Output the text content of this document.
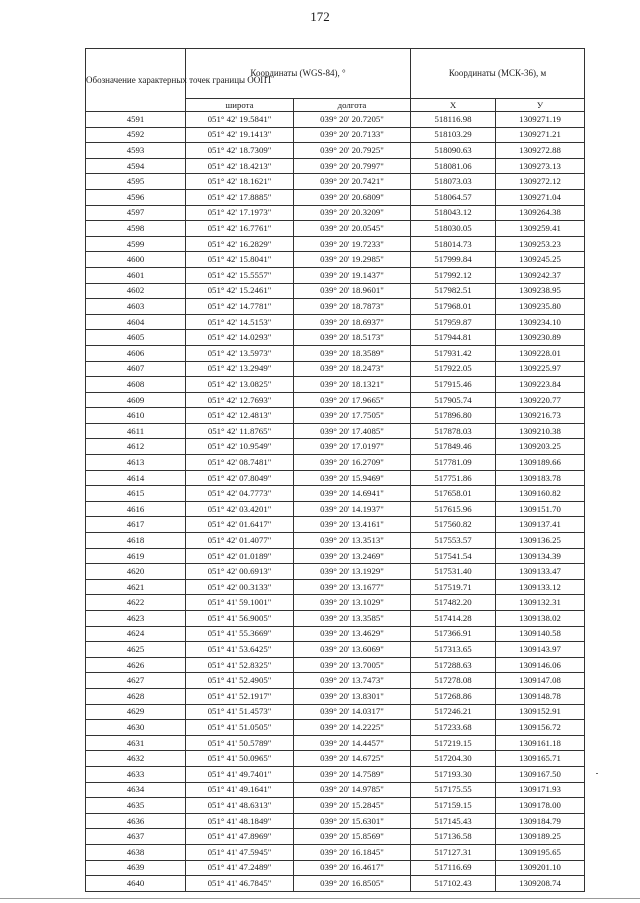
172
Обозначение характерных точек границы ООПТ	Координаты (WGS-84), °		Координаты (МСК-36), м	
	широта	долгота	X	У
4591	051° 42' 19.5841"	039° 20' 20.7205"	518116.98	1309271.19
4592	051° 42' 19.1413"	039° 20' 20.7133"	518103.29	1309271.21
4593	051° 42' 18.7309"	039° 20' 20.7925"	518090.63	1309272.88
4594	051° 42' 18.4213"	039° 20' 20.7997"	518081.06	1309273.13
4595	051° 42' 18.1621"	039° 20' 20.7421"	518073.03	1309272.12
4596	051° 42' 17.8885"	039° 20' 20.6809"	518064.57	1309271.04
4597	051° 42' 17.1973"	039° 20' 20.3209"	518043.12	1309264.38
4598	051° 42' 16.7761"	039° 20' 20.0545"	518030.05	1309259.41
4599	051° 42' 16.2829"	039° 20' 19.7233"	518014.73	1309253.23
4600	051° 42' 15.8041"	039° 20' 19.2985"	517999.84	1309245.25
4601	051° 42' 15.5557"	039° 20' 19.1437"	517992.12	1309242.37
4602	051° 42' 15.2461"	039° 20' 18.9601"	517982.51	1309238.95
4603	051° 42' 14.7781"	039° 20' 18.7873"	517968.01	1309235.80
4604	051° 42' 14.5153"	039° 20' 18.6937"	517959.87	1309234.10
4605	051° 42' 14.0293"	039° 20' 18.5173"	517944.81	1309230.89
4606	051° 42' 13.5973"	039° 20' 18.3589"	517931.42	1309228.01
4607	051° 42' 13.2949"	039° 20' 18.2473"	517922.05	1309225.97
4608	051° 42' 13.0825"	039° 20' 18.1321"	517915.46	1309223.84
4609	051° 42' 12.7693"	039° 20' 17.9665"	517905.74	1309220.77
4610	051° 42' 12.4813"	039° 20' 17.7505"	517896.80	1309216.73
4611	051° 42' 11.8765"	039° 20' 17.4085"	517878.03	1309210.38
4612	051° 42' 10.9549"	039° 20' 17.0197"	517849.46	1309203.25
4613	051° 42' 08.7481"	039° 20' 16.2709"	517781.09	1309189.66
4614	051° 42' 07.8049"	039° 20' 15.9469"	517751.86	1309183.78
4615	051° 42' 04.7773"	039° 20' 14.6941"	517658.01	1309160.82
4616	051° 42' 03.4201"	039° 20' 14.1937"	517615.96	1309151.70
4617	051° 42' 01.6417"	039° 20' 13.4161"	517560.82	1309137.41
4618	051° 42' 01.4077"	039° 20' 13.3513"	517553.57	1309136.25
4619	051° 42' 01.0189"	039° 20' 13.2469"	517541.54	1309134.39
4620	051° 42' 00.6913"	039° 20' 13.1929"	517531.40	1309133.47
4621	051° 42' 00.3133"	039° 20' 13.1677"	517519.71	1309133.12
4622	051° 41' 59.1001"	039° 20' 13.1029"	517482.20	1309132.31
4623	051° 41' 56.9005"	039° 20' 13.3585"	517414.28	1309138.02
4624	051° 41' 55.3669"	039° 20' 13.4629"	517366.91	1309140.58
4625	051° 41' 53.6425"	039° 20' 13.6069"	517313.65	1309143.97
4626	051° 41' 52.8325"	039° 20' 13.7005"	517288.63	1309146.06
4627	051° 41' 52.4905"	039° 20' 13.7473"	517278.08	1309147.08
4628	051° 41' 52.1917"	039° 20' 13.8301"	517268.86	1309148.78
4629	051° 41' 51.4573"	039° 20' 14.0317"	517246.21	1309152.91
4630	051° 41' 51.0505"	039° 20' 14.2225"	517233.68	1309156.72
4631	051° 41' 50.5789"	039° 20' 14.4457"	517219.15	1309161.18
4632	051° 41' 50.0965"	039° 20' 14.6725"	517204.30	1309165.71
4633	051° 41' 49.7401"	039° 20' 14.7589"	517193.30	1309167.50
4634	051° 41' 49.1641"	039° 20' 14.9785"	517175.55	1309171.93
4635	051° 41' 48.6313"	039° 20' 15.2845"	517159.15	1309178.00
4636	051° 41' 48.1849"	039° 20' 15.6301"	517145.43	1309184.79
4637	051° 41' 47.8969"	039° 20' 15.8569"	517136.58	1309189.25
4638	051° 41' 47.5945"	039° 20' 16.1845"	517127.31	1309195.65
4639	051° 41' 47.2489"	039° 20' 16.4617"	517116.69	1309201.10
4640	051° 41' 46.7845"	039° 20' 16.8505"	517102.43	1309208.74
